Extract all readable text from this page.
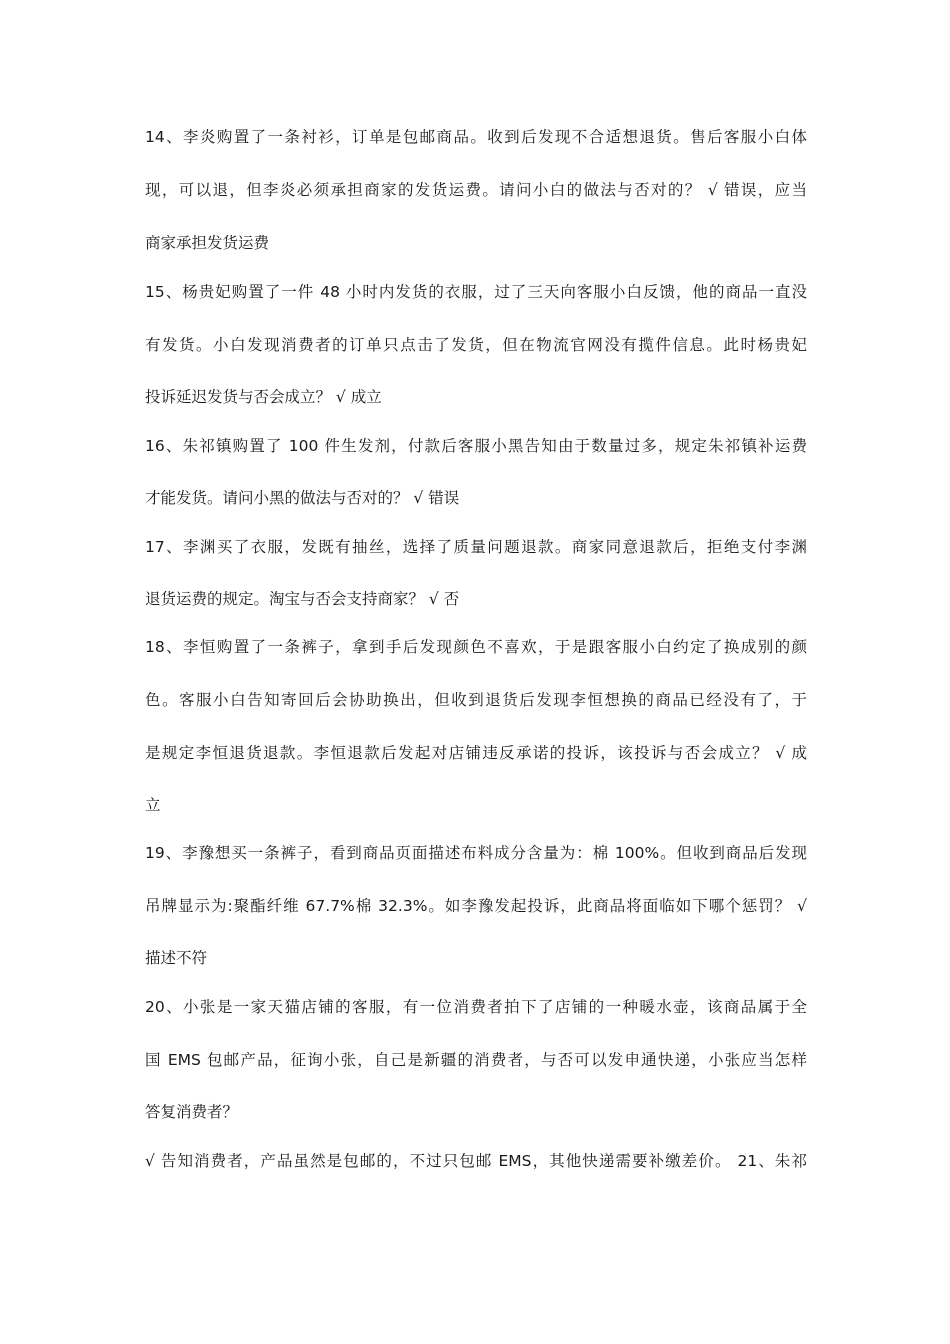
14、李炎购置了一条衬衫，订单是包邮商品。收到后发现不合适想退货。售后客服小白体
现，可以退，但李炎必须承担商家的发货运费。请问小白的做法与否对的？ √ 错误，应当
商家承担发货运费
15、杨贵妃购置了一件 48 小时内发货的衣服，过了三天向客服小白反馈，他的商品一直没
有发货。小白发现消费者的订单只点击了发货，但在物流官网没有揽件信息。此时杨贵妃
投诉延迟发货与否会成立？ √ 成立
16、朱祁镇购置了 100 件生发剂，付款后客服小黑告知由于数量过多，规定朱祁镇补运费
才能发货。请问小黑的做法与否对的？ √ 错误
17、李渊买了衣服，发既有抽丝，选择了质量问题退款。商家同意退款后，拒绝支付李渊
退货运费的规定。淘宝与否会支持商家？ √ 否
18、李恒购置了一条裤子，拿到手后发现颜色不喜欢，于是跟客服小白约定了换成别的颜
色。客服小白告知寄回后会协助换出，但收到退货后发现李恒想换的商品已经没有了，于
是规定李恒退货退款。李恒退款后发起对店铺违反承诺的投诉，该投诉与否会成立？ √ 成
立
19、李豫想买一条裤子，看到商品页面描述布料成分含量为：棉 100%。但收到商品后发现
吊牌显示为:聚酯纤维 67.7%棉 32.3%。如李豫发起投诉，此商品将面临如下哪个惩罚？ √
描述不符
20、小张是一家天猫店铺的客服，有一位消费者拍下了店铺的一种暖水壶，该商品属于全
国 EMS 包邮产品，征询小张，自己是新疆的消费者，与否可以发申通快递，小张应当怎样
答复消费者？
√ 告知消费者，产品虽然是包邮的，不过只包邮 EMS，其他快递需要补缴差价。 21、朱祁
